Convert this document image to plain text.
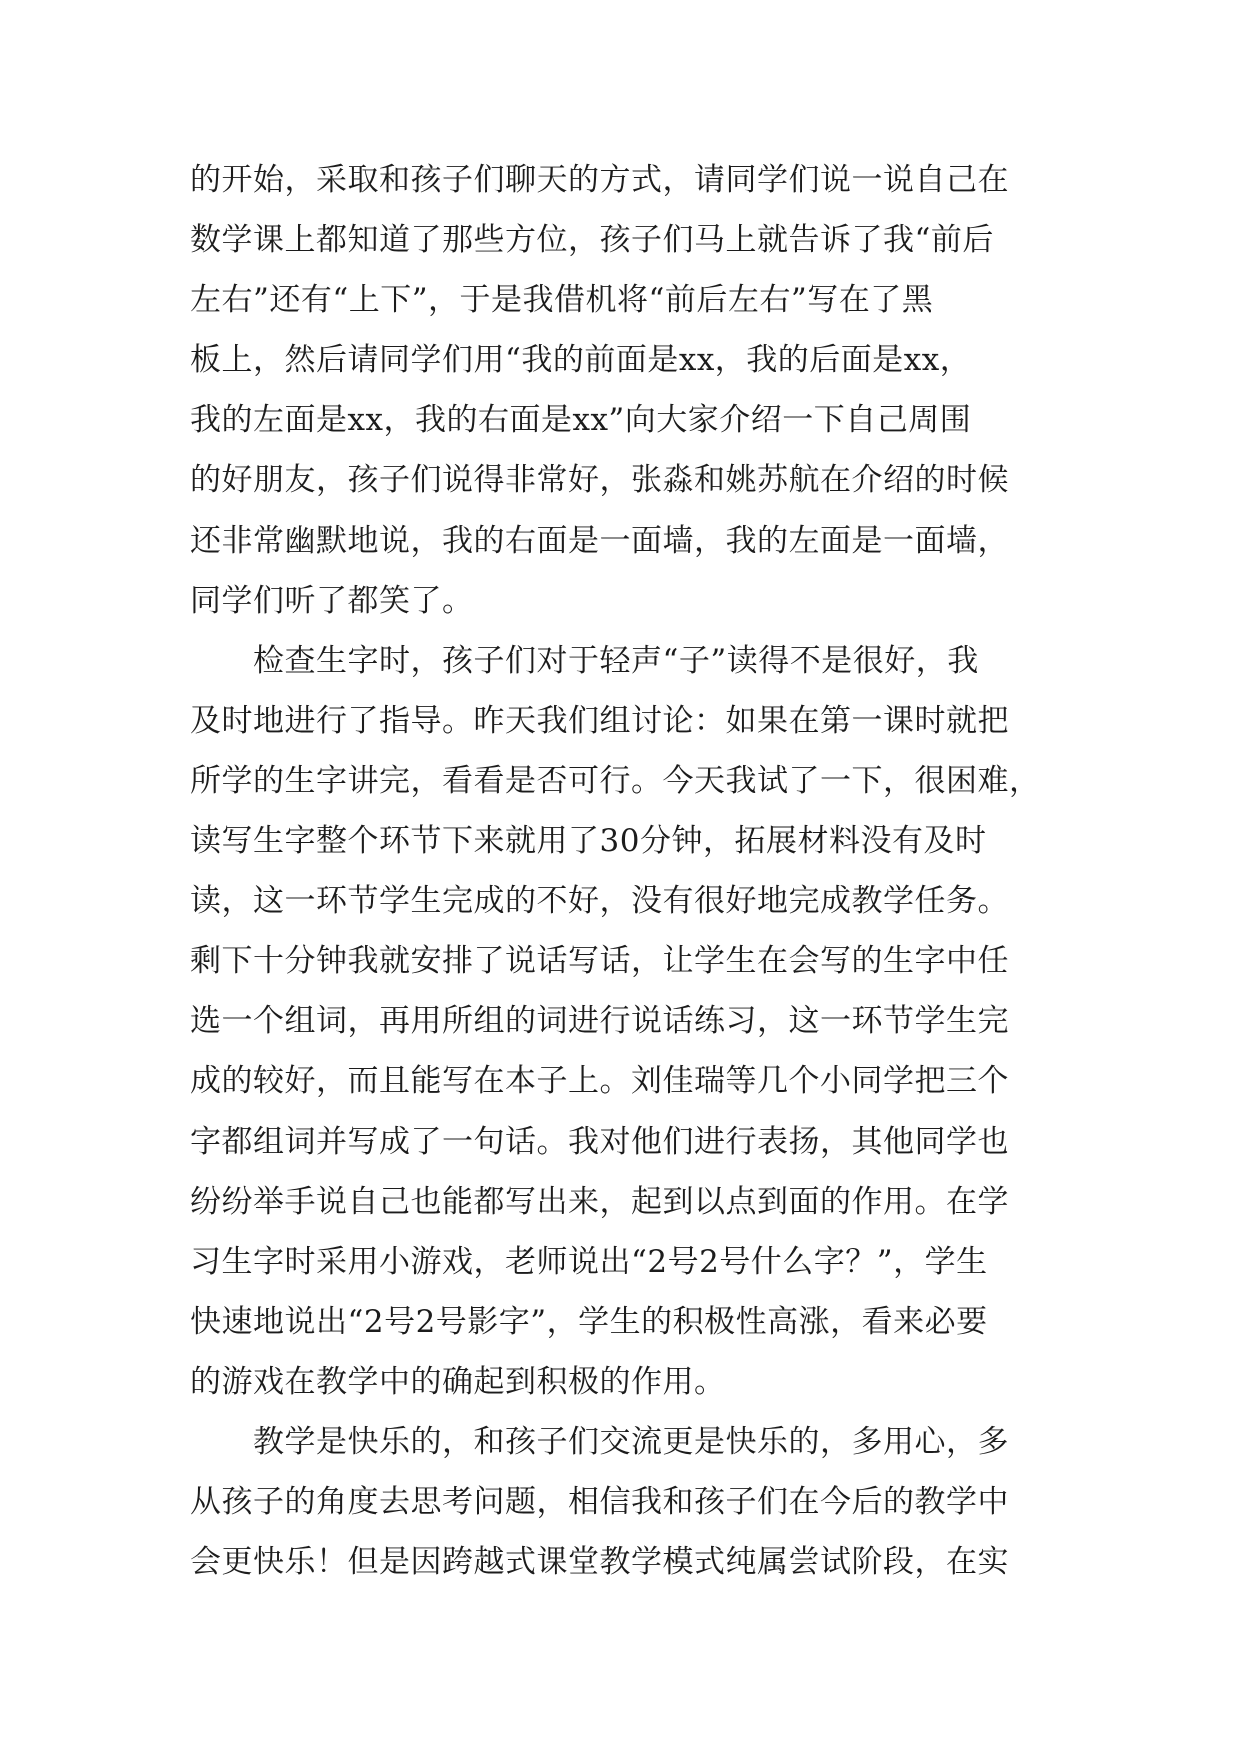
的开始，采取和孩子们聊天的方式，请同学们说一说自己在
数学课上都知道了那些方位，孩子们马上就告诉了我“前后
左右”还有“上下”，于是我借机将“前后左右”写在了黑
板上，然后请同学们用“我的前面是xx，我的后面是xx，
我的左面是xx，我的右面是xx”向大家介绍一下自己周围
的好朋友，孩子们说得非常好，张淼和姚苏航在介绍的时候
还非常幽默地说，我的右面是一面墙，我的左面是一面墙，
同学们听了都笑了。
　　检查生字时，孩子们对于轻声“子”读得不是很好，我
及时地进行了指导。昨天我们组讨论：如果在第一课时就把
所学的生字讲完，看看是否可行。今天我试了一下，很困难，
读写生字整个环节下来就用了30分钟，拓展材料没有及时
读，这一环节学生完成的不好，没有很好地完成教学任务。
剩下十分钟我就安排了说话写话，让学生在会写的生字中任
选一个组词，再用所组的词进行说话练习，这一环节学生完
成的较好，而且能写在本子上。刘佳瑞等几个小同学把三个
字都组词并写成了一句话。我对他们进行表扬，其他同学也
纷纷举手说自己也能都写出来，起到以点到面的作用。在学
习生字时采用小游戏，老师说出“2号2号什么字？”，学生
快速地说出“2号2号影字”，学生的积极性高涨，看来必要
的游戏在教学中的确起到积极的作用。
　　教学是快乐的，和孩子们交流更是快乐的，多用心，多
从孩子的角度去思考问题，相信我和孩子们在今后的教学中
会更快乐！但是因跨越式课堂教学模式纯属尝试阶段，在实
